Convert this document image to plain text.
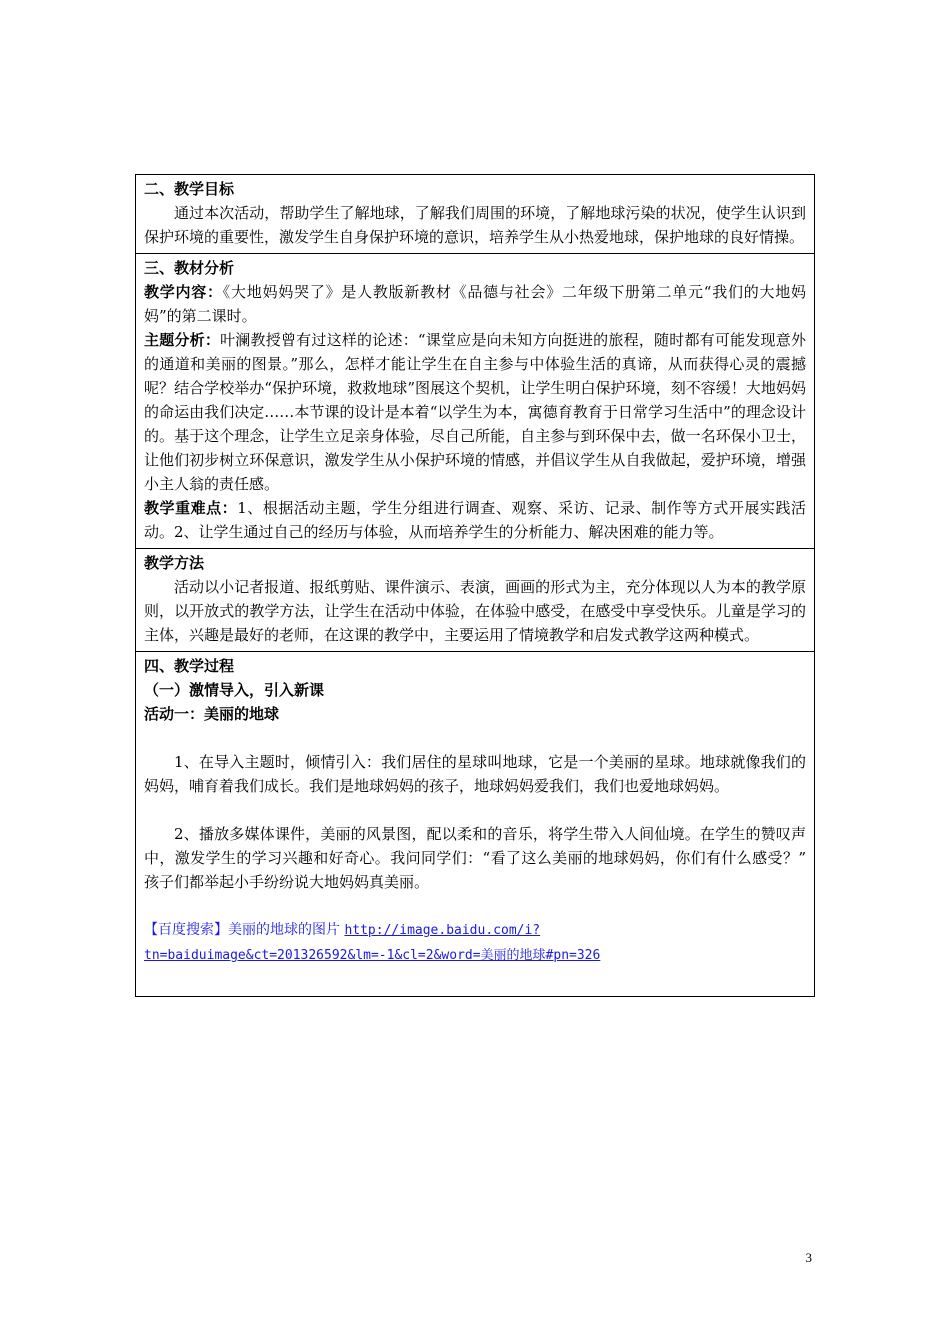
二、教学目标

通过本次活动，帮助学生了解地球，了解我们周围的环境，了解地球污染的状况，使学生认识到保护环境的重要性，激发学生自身保护环境的意识，培养学生从小热爱地球，保护地球的良好情操。

三、教材分析

教学内容：《大地妈妈哭了》是人教版新教材《品德与社会》二年级下册第二单元“我们的大地妈妈”的第二课时。

主题分析：叶澜教授曾有过这样的论述：“课堂应是向未知方向挺进的旅程，随时都有可能发现意外的通道和美丽的图景。”那么，怎样才能让学生在自主参与中体验生活的真谛，从而获得心灵的震撼呢？结合学校举办“保护环境，救救地球”图展这个契机，让学生明白保护环境，刻不容缓！大地妈妈的命运由我们决定……本节课的设计是本着“以学生为本，寓德育教育于日常学习生活中”的理念设计的。基于这个理念，让学生立足亲身体验，尽自己所能，自主参与到环保中去，做一名环保小卫士，让他们初步树立环保意识，激发学生从小保护环境的情感，并倡议学生从自我做起，爱护环境，增强小主人翁的责任感。

教学重难点：1、根据活动主题，学生分组进行调查、观察、采访、记录、制作等方式开展实践活动。2、让学生通过自己的经历与体验，从而培养学生的分析能力、解决困难的能力等。

教学方法

活动以小记者报道、报纸剪贴、课件演示、表演，画画的形式为主，充分体现以人为本的教学原则，以开放式的教学方法，让学生在活动中体验，在体验中感受，在感受中享受快乐。儿童是学习的主体，兴趣是最好的老师，在这课的教学中，主要运用了情境教学和启发式教学这两种模式。

四、教学过程
（一）激情导入，引入新课
活动一：美丽的地球

1、在导入主题时，倾情引入：我们居住的星球叫地球，它是一个美丽的星球。地球就像我们的妈妈，哺育着我们成长。我们是地球妈妈的孩子，地球妈妈爱我们，我们也爱地球妈妈。

2、播放多媒体课件，美丽的风景图，配以柔和的音乐，将学生带入人间仙境。在学生的赞叹声中，激发学生的学习兴趣和好奇心。我问同学们：“看了这么美丽的地球妈妈，你们有什么感受？” 孩子们都举起小手纷纷说大地妈妈真美丽。

【百度搜索】美丽的地球的图片 http://image.baidu.com/i?tn=baiduimage&ct=201326592&lm=-1&cl=2&word=美丽的地球#pn=326
3
